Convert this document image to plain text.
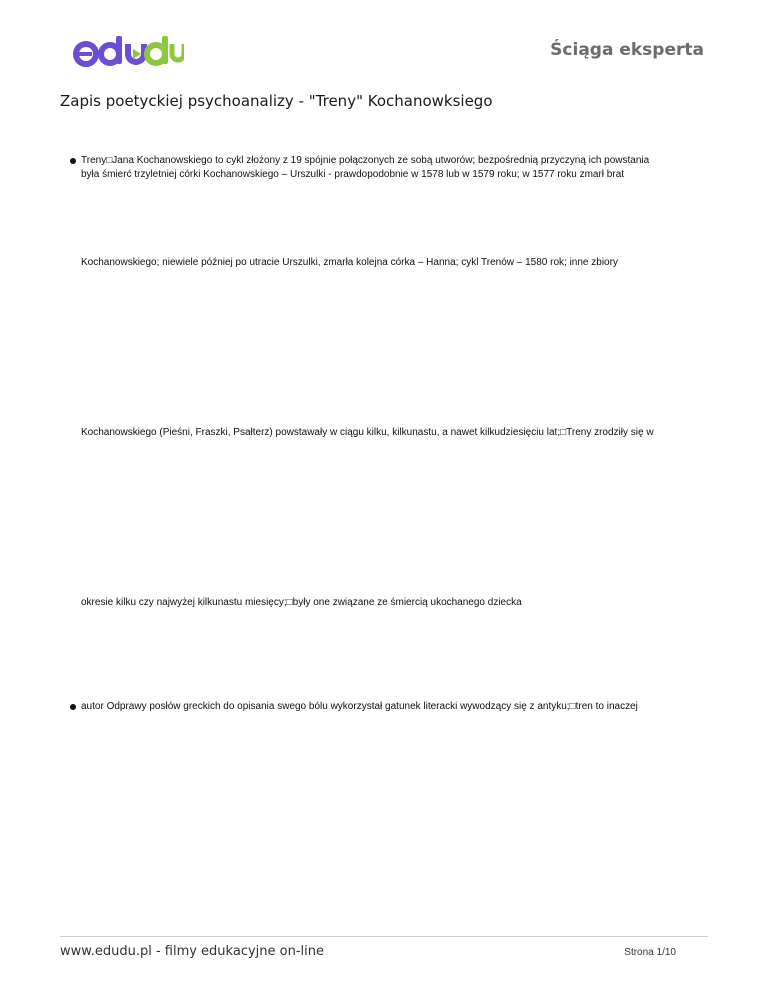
Ściąga eksperta
Zapis poetyckiej psychoanalizy - "Treny" Kochanowksiego
Treny□Jana Kochanowskiego to cykl złożony z 19 spójnie połączonych ze sobą utworów; bezpośrednią przyczyną ich powstania
była śmierć trzyletniej córki Kochanowskiego – Urszulki - prawdopodobnie w 1578 lub w 1579 roku; w 1577 roku zmarł brat
Kochanowskiego; niewiele później po utracie Urszulki, zmarła kolejna córka – Hanna; cykl Trenów – 1580 rok; inne zbiory
Kochanowskiego (Pieśni, Fraszki, Psałterz) powstawały w ciągu kilku, kilkunastu, a nawet kilkudziesięciu lat;□Treny zrodziły się w
okresie kilku czy najwyżej kilkunastu miesięcy;□były one związane ze śmiercią ukochanego dziecka
autor Odprawy posłów greckich do opisania swego bólu wykorzystał gatunek literacki wywodzący się z antyku;□tren to inaczej
www.edudu.pl - filmy edukacyjne on-line	Strona 1/10
